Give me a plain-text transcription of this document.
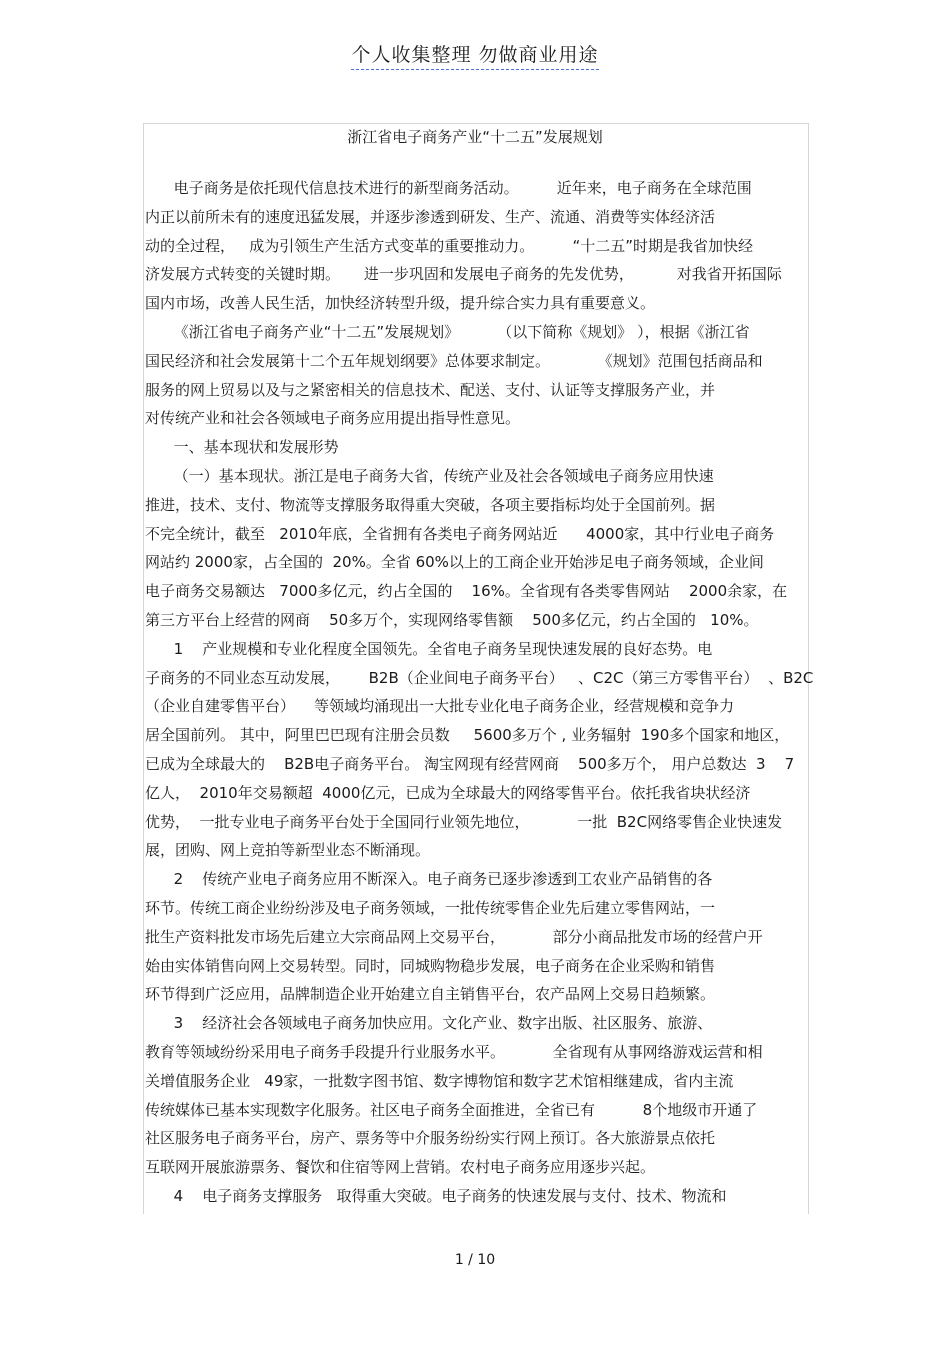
个人收集整理 勿做商业用途
浙江省电子商务产业“十二五”发展规划
电子商务是依托现代信息技术进行的新型商务活动。        近年来，电子商务在全球范围
内正以前所未有的速度迅猛发展，并逐步渗透到研发、生产、流通、消费等实体经济活
动的全过程，   成为引领生产生活方式变革的重要推动力。        “十二五”时期是我省加快经
济发展方式转变的关键时期。     进一步巩固和发展电子商务的先发优势，         对我省开拓国际
国内市场，改善人民生活，加快经济转型升级，提升综合实力具有重要意义。
《浙江省电子商务产业“十二五”发展规划》        （以下简称《规划》 ），根据《浙江省
国民经济和社会发展第十二个五年规划纲要》总体要求制定。          《规划》范围包括商品和
服务的网上贸易以及与之紧密相关的信息技术、配送、支付、认证等支撑服务产业，并
对传统产业和社会各领域电子商务应用提出指导性意见。
一、基本现状和发展形势
（一）基本现状。浙江是电子商务大省，传统产业及社会各领域电子商务应用快速
推进，技术、支付、物流等支撑服务取得重大突破，各项主要指标均处于全国前列。据
不完全统计，截至   2010年底，全省拥有各类电子商务网站近      4000家，其中行业电子商务
网站约 2000家，占全国的  20%。全省 60%以上的工商企业开始涉足电子商务领域，企业间
电子商务交易额达   7000多亿元，约占全国的    16%。全省现有各类零售网站    2000余家，在
第三方平台上经营的网商    50多万个，实现网络零售额    500多亿元，约占全国的   10%。
1    产业规模和专业化程度全国领先。全省电子商务呈现快速发展的良好态势。电
子商务的不同业态互动发展，      B2B（企业间电子商务平台）   、C2C（第三方零售平台）  、B2C
（企业自建零售平台）    等领域均涌现出一大批专业化电子商务企业，经营规模和竞争力
居全国前列。 其中，阿里巴巴现有注册会员数     5600多万个 , 业务辐射  190多个国家和地区，
已成为全球最大的    B2B电子商务平台。 淘宝网现有经营网商    500多万个， 用户总数达  3    7
亿人，  2010年交易额超  4000亿元，已成为全球最大的网络零售平台。依托我省块状经济
优势，  一批专业电子商务平台处于全国同行业领先地位，          一批  B2C网络零售企业快速发
展，团购、网上竞拍等新型业态不断涌现。
2    传统产业电子商务应用不断深入。电子商务已逐步渗透到工农业产品销售的各
环节。传统工商企业纷纷涉及电子商务领域，一批传统零售企业先后建立零售网站，一
批生产资料批发市场先后建立大宗商品网上交易平台，          部分小商品批发市场的经营户开
始由实体销售向网上交易转型。同时，同城购物稳步发展，电子商务在企业采购和销售
环节得到广泛应用，品牌制造企业开始建立自主销售平台，农产品网上交易日趋频繁。
3    经济社会各领域电子商务加快应用。文化产业、数字出版、社区服务、旅游、
教育等领域纷纷采用电子商务手段提升行业服务水平。          全省现有从事网络游戏运营和相
关增值服务企业   49家，一批数字图书馆、数字博物馆和数字艺术馆相继建成，省内主流
传统媒体已基本实现数字化服务。社区电子商务全面推进，全省已有          8个地级市开通了
社区服务电子商务平台，房产、票务等中介服务纷纷实行网上预订。各大旅游景点依托
互联网开展旅游票务、餐饮和住宿等网上营销。农村电子商务应用逐步兴起。
4    电子商务支撑服务   取得重大突破。电子商务的快速发展与支付、技术、物流和
1 / 10
